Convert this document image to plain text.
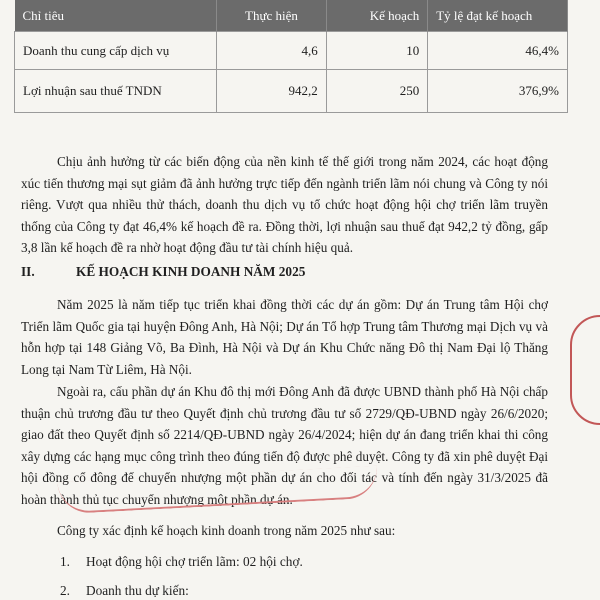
Chỉ tiêu	Thực hiện	Kế hoạch	Tỷ lệ đạt kế hoạch
Doanh thu cung cấp dịch vụ	4,6	10	46,4%
Lợi nhuận sau thuế TNDN	942,2	250	376,9%

Chịu ảnh hưởng từ các biến động của nền kinh tế thế giới trong năm 2024, các hoạt động xúc tiến thương mại sụt giảm đã ảnh hưởng trực tiếp đến ngành triển lãm nói chung và Công ty nói riêng. Vượt qua nhiều thử thách, doanh thu dịch vụ tổ chức hoạt động hội chợ triển lãm truyền thống của Công ty đạt 46,4% kế hoạch đề ra. Đồng thời, lợi nhuận sau thuế đạt 942,2 tỷ đồng, gấp 3,8 lần kế hoạch đề ra nhờ hoạt động đầu tư tài chính hiệu quả.

II.	KẾ HOẠCH KINH DOANH NĂM 2025

Năm 2025 là năm tiếp tục triển khai đồng thời các dự án gồm: Dự án Trung tâm Hội chợ Triển lãm Quốc gia tại huyện Đông Anh, Hà Nội; Dự án Tổ hợp Trung tâm Thương mại Dịch vụ và hỗn hợp tại 148 Giảng Võ, Ba Đình, Hà Nội và Dự án Khu Chức năng Đô thị Nam Đại lộ Thăng Long tại Nam Từ Liêm, Hà Nội.

Ngoài ra, cấu phần dự án Khu đô thị mới Đông Anh đã được UBND thành phố Hà Nội chấp thuận chủ trương đầu tư theo Quyết định chủ trương đầu tư số 2729/QĐ-UBND ngày 26/6/2020; giao đất theo Quyết định số 2214/QĐ-UBND ngày 26/4/2024; hiện dự án đang triển khai thi công xây dựng các hạng mục công trình theo đúng tiến độ được phê duyệt. Công ty đã xin phê duyệt Đại hội đồng cổ đông để chuyển nhượng một phần dự án cho đối tác và tính đến ngày 31/3/2025 đã hoàn thành thủ tục chuyển nhượng một phần dự án.

Công ty xác định kế hoạch kinh doanh trong năm 2025 như sau:

1. Hoạt động hội chợ triển lãm: 02 hội chợ.

2. Doanh thu dự kiến:
